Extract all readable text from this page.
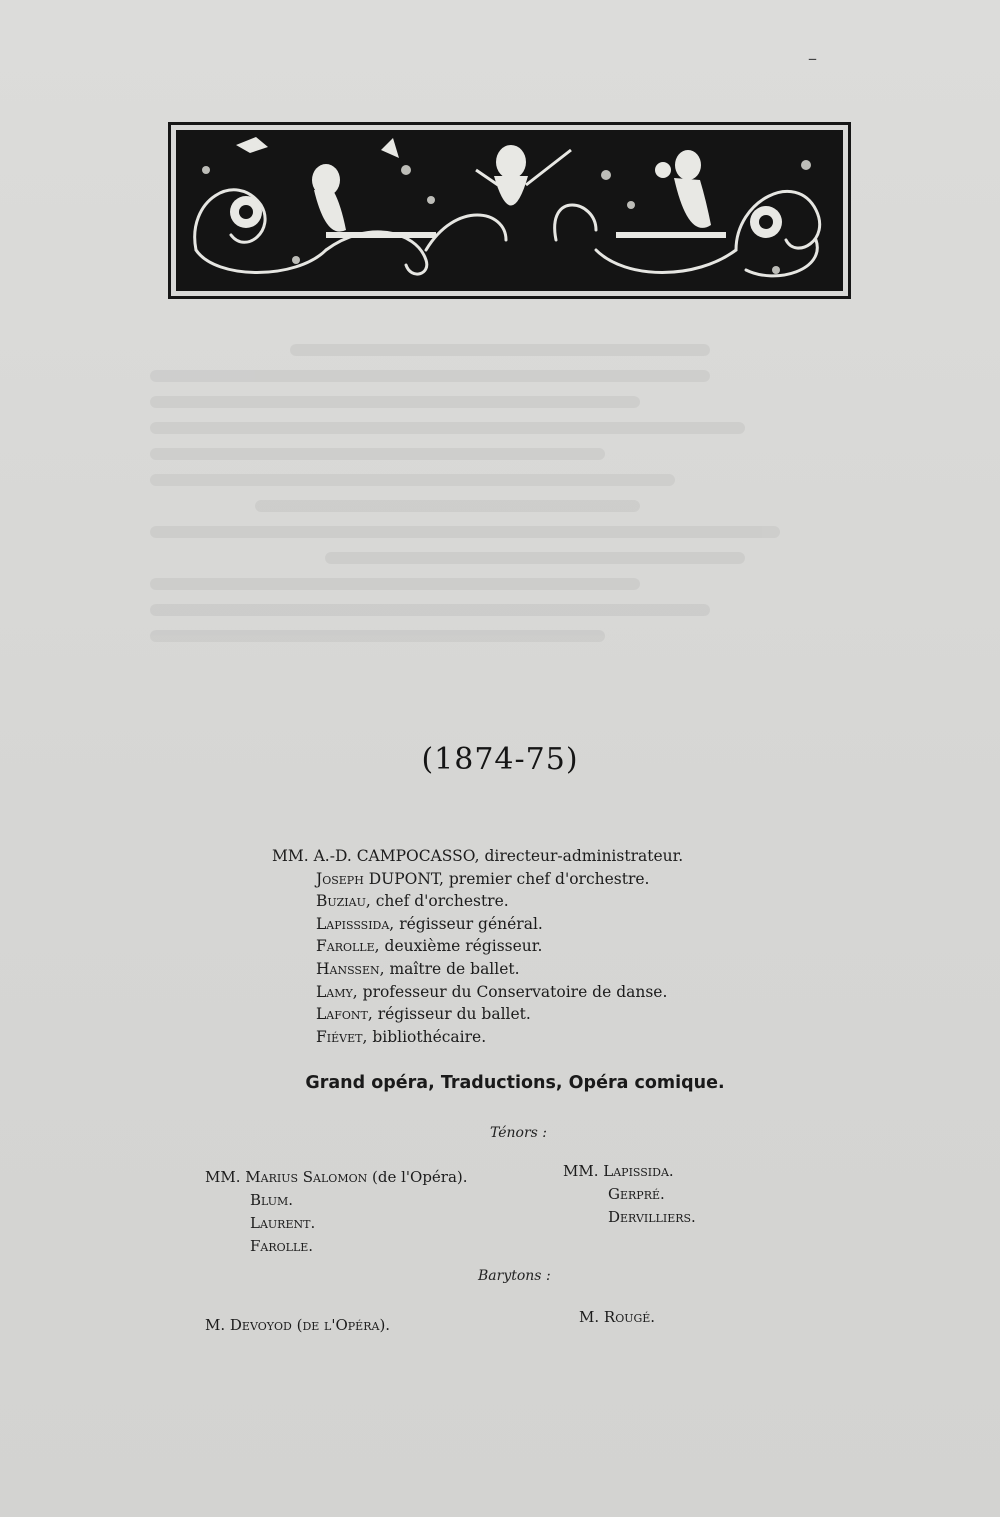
–
(1874-75)
MM. A.-D. CAMPOCASSO, directeur-administrateur.
Joseph DUPONT, premier chef d'orchestre.
Buziau, chef d'orchestre.
Lapisssida, régisseur général.
Farolle, deuxième régisseur.
Hanssen, maître de ballet.
Lamy, professeur du Conservatoire de danse.
Lafont, régisseur du ballet.
Fiévet, bibliothécaire.
Grand opéra, Traductions, Opéra comique.
Ténors :
MM. Marius Salomon (de l'Opéra).
Blum.
Laurent.
Farolle.
MM. Lapissida.
Gerpré.
Dervilliers.
Barytons :
M. Devoyod (de l'Opéra).	M. Rougé.
